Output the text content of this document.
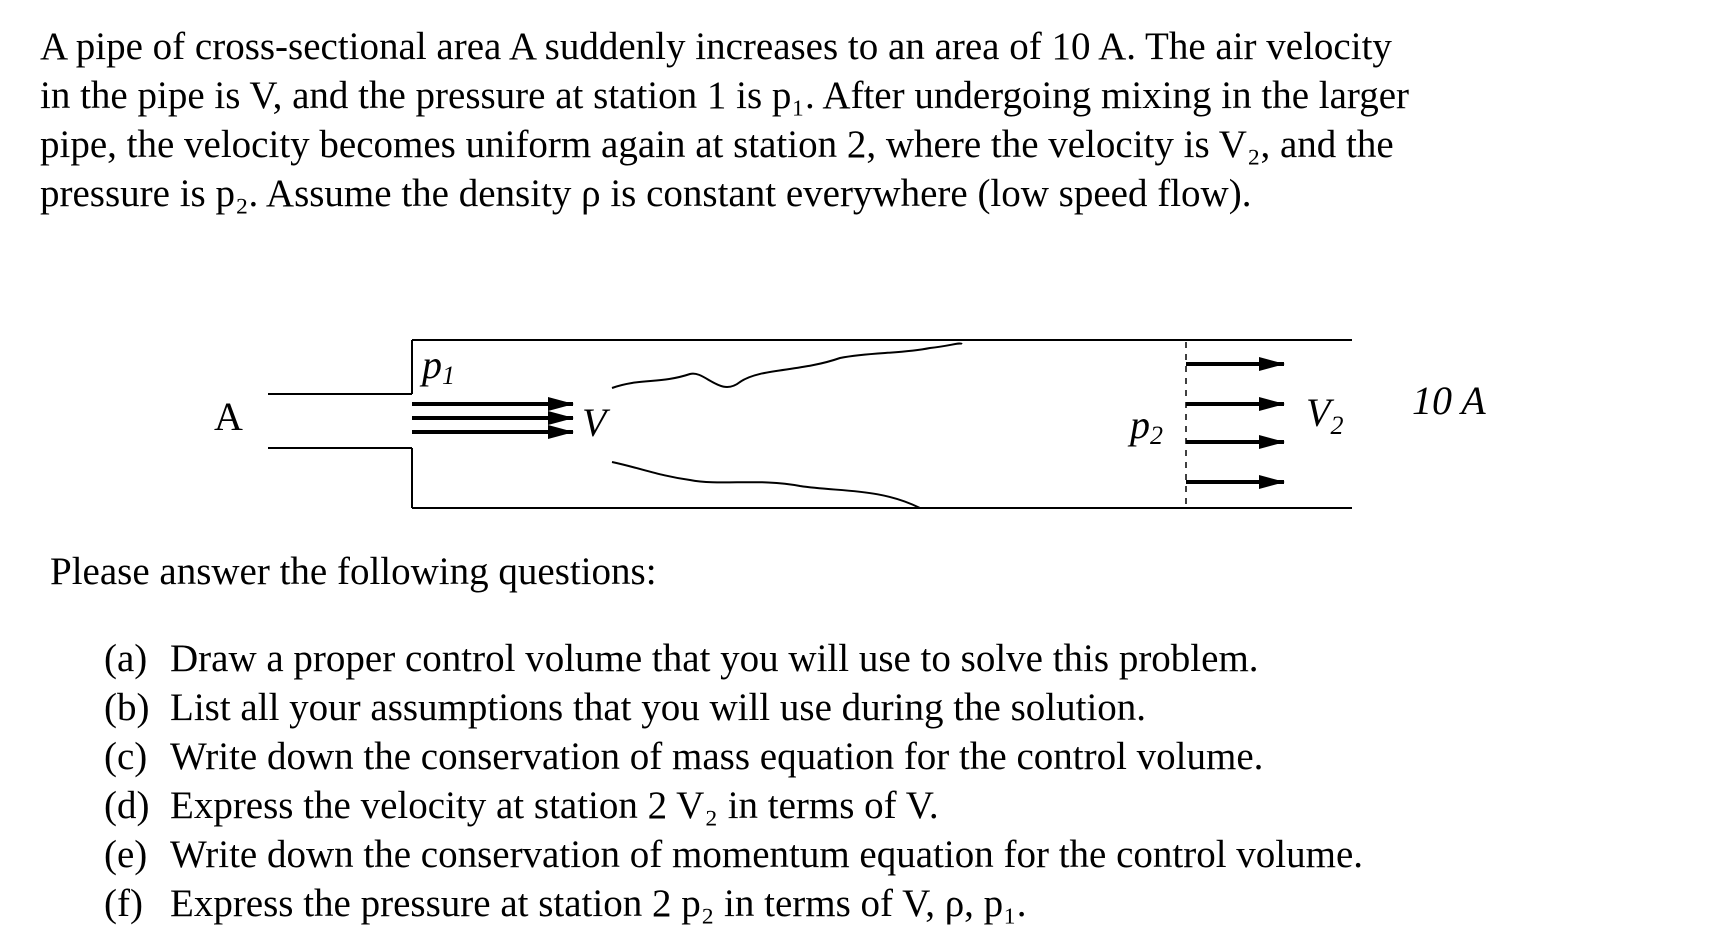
A pipe of cross-sectional area A suddenly increases to an area of 10 A. The air velocity
in the pipe is V, and the pressure at station 1 is p₁. After undergoing mixing in the larger
pipe, the velocity becomes uniform again at station 2, where the velocity is V₂, and the
pressure is p₂. Assume the density ρ is constant everywhere (low speed flow).
A
p1
V	p2
$V_2$
10 A
Please answer the following questions:
(a) Draw a proper control volume that you will use to solve this problem.
(b) List all your assumptions that you will use during the solution.
(c) Write down the conservation of mass equation for the control volume.
(d) Express the velocity at station 2 V₂ in terms of V.
(e) Write down the conservation of momentum equation for the control volume.
(f) Express the pressure at station 2 p₂ in terms of V, ρ, p₁.
